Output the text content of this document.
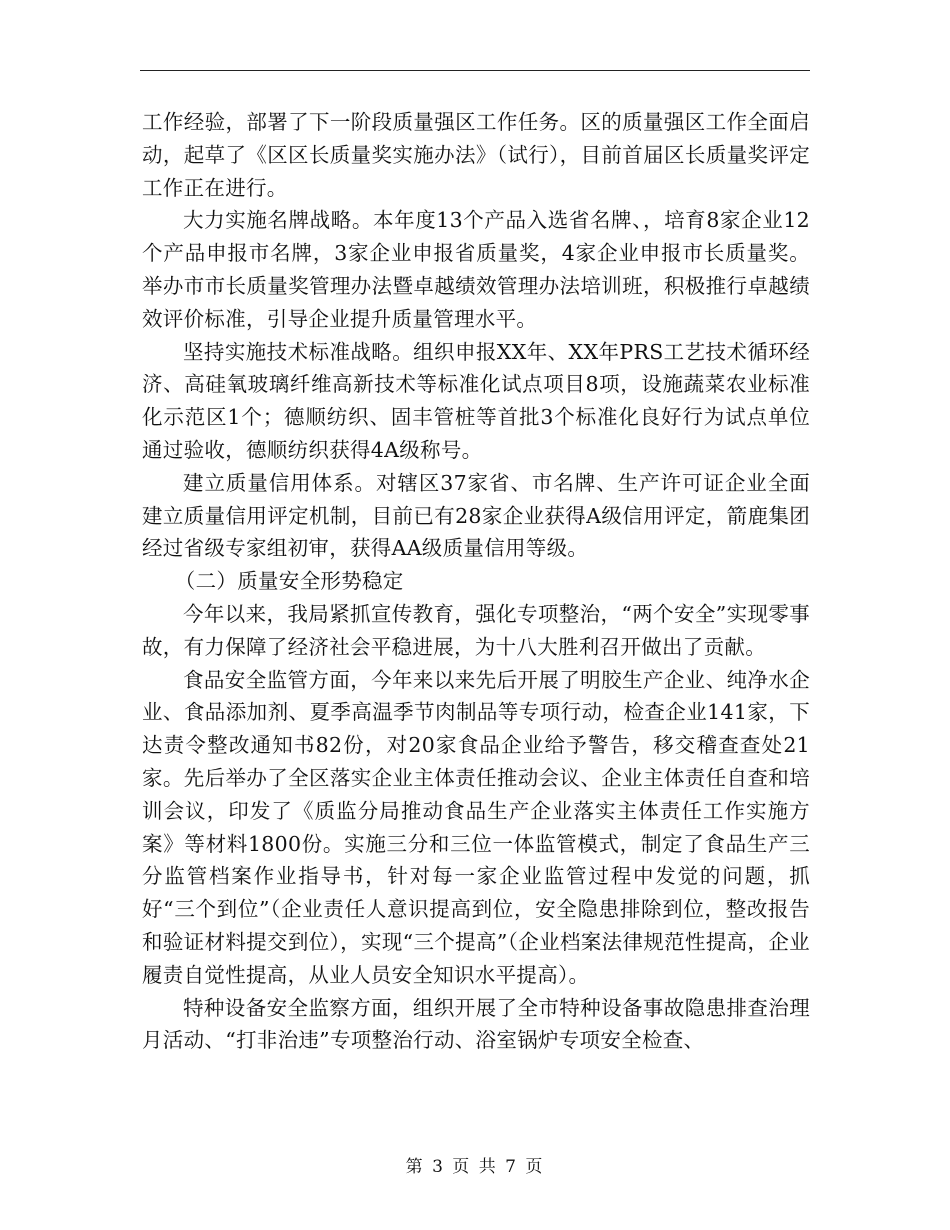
工作经验，部署了下一阶段质量强区工作任务。区的质量强区工作全面启动，起草了《区区长质量奖实施办法》（试行），目前首届区长质量奖评定工作正在进行。

大力实施名牌战略。本年度13个产品入选省名牌、，培育8家企业12个产品申报市名牌，3家企业申报省质量奖，4家企业申报市长质量奖。举办市市长质量奖管理办法暨卓越绩效管理办法培训班，积极推行卓越绩效评价标准，引导企业提升质量管理水平。

坚持实施技术标准战略。组织申报XX年、XX年PRS工艺技术循环经济、高硅氧玻璃纤维高新技术等标准化试点项目8项，设施蔬菜农业标准化示范区1个；德顺纺织、固丰管桩等首批3个标准化良好行为试点单位通过验收，德顺纺织获得4A级称号。

建立质量信用体系。对辖区37家省、市名牌、生产许可证企业全面建立质量信用评定机制，目前已有28家企业获得A级信用评定，箭鹿集团经过省级专家组初审，获得AA级质量信用等级。

（二）质量安全形势稳定

今年以来，我局紧抓宣传教育，强化专项整治，“两个安全”实现零事故，有力保障了经济社会平稳进展，为十八大胜利召开做出了贡献。

食品安全监管方面，今年来以来先后开展了明胶生产企业、纯净水企业、食品添加剂、夏季高温季节肉制品等专项行动，检查企业141家，下达责令整改通知书82份，对20家食品企业给予警告，移交稽查查处21家。先后举办了全区落实企业主体责任推动会议、企业主体责任自查和培训会议，印发了《质监分局推动食品生产企业落实主体责任工作实施方案》等材料1800份。实施三分和三位一体监管模式，制定了食品生产三分监管档案作业指导书，针对每一家企业监管过程中发觉的问题，抓好“三个到位”（企业责任人意识提高到位，安全隐患排除到位，整改报告和验证材料提交到位），实现“三个提高”（企业档案法律规范性提高，企业履责自觉性提高，从业人员安全知识水平提高）。

特种设备安全监察方面，组织开展了全市特种设备事故隐患排查治理月活动、“打非治违”专项整治行动、浴室锅炉专项安全检查、

第 3 页 共 7 页
